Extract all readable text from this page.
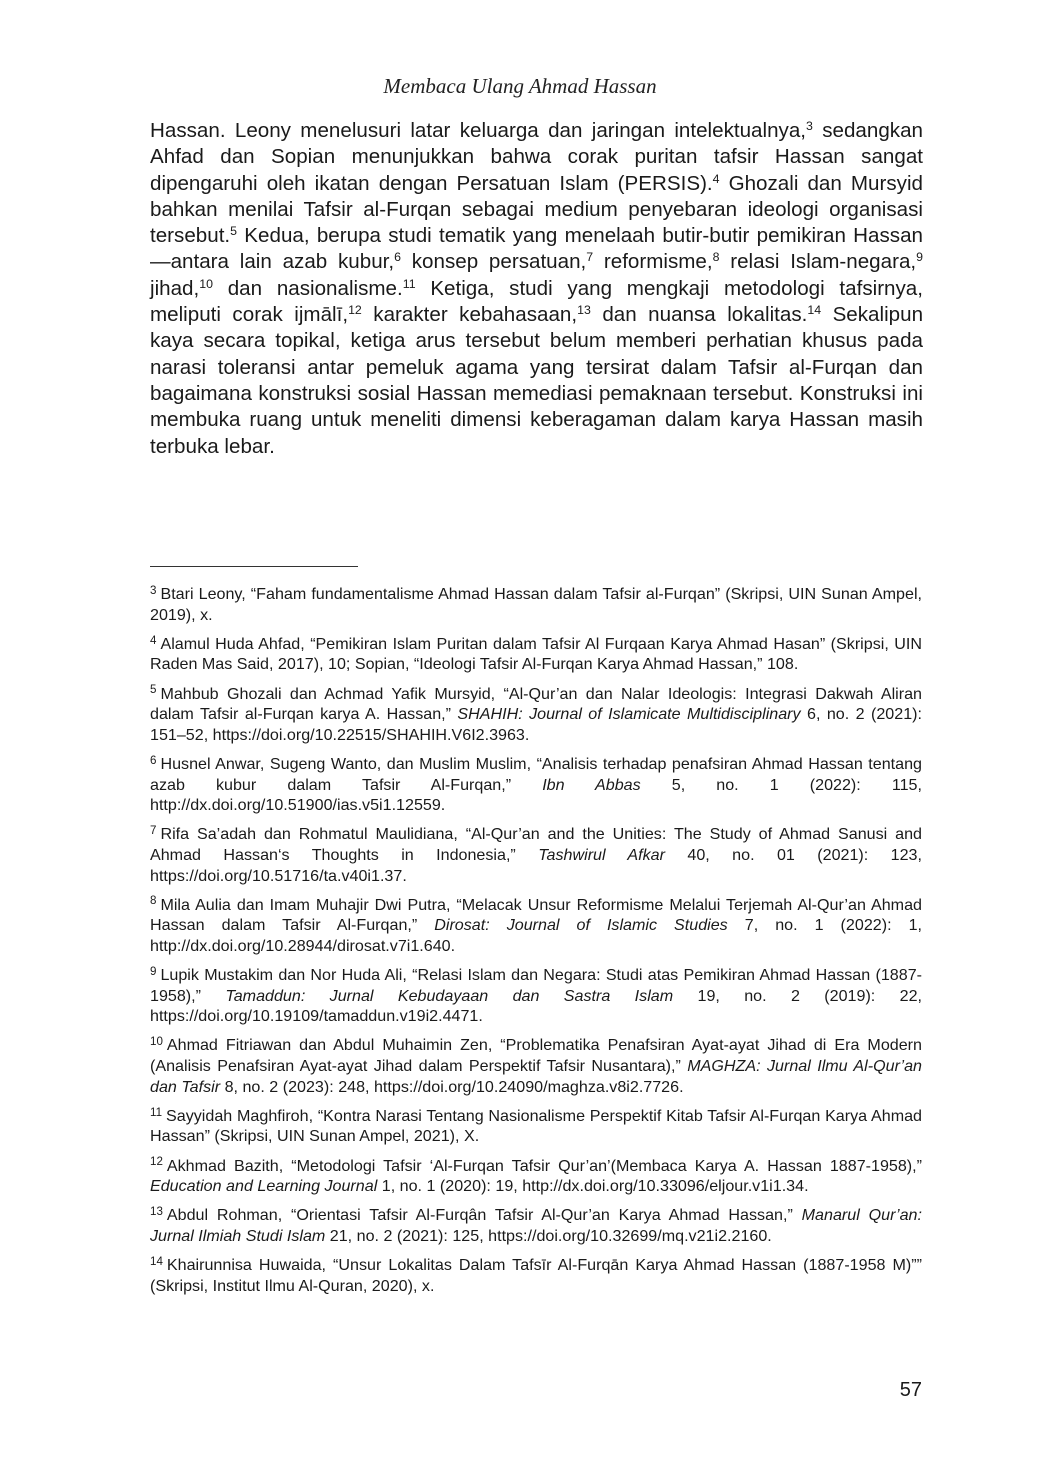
Membaca Ulang Ahmad Hassan
Hassan. Leony menelusuri latar keluarga dan jaringan intelektualnya,$^3$ sedangkan Ahfad dan Sopian menunjukkan bahwa corak puritan tafsir Hassan sangat dipengaruhi oleh ikatan dengan Persatuan Islam (PERSIS).$^4$ Ghozali dan Mursyid bahkan menilai Tafsir al-Furqan sebagai medium penyebaran ideologi organisasi tersebut.$^5$ Kedua, berupa studi tematik yang menelaah butir-butir pemikiran Hassan—antara lain azab kubur,$^6$ konsep persatuan,$^7$ reformisme,$^8$ relasi Islam-negara,$^9$ jihad,$^{10}$ dan nasionalisme.$^{11}$ Ketiga, studi yang mengkaji metodologi tafsirnya, meliputi corak ijmālī,$^{12}$ karakter kebahasaan,$^{13}$ dan nuansa lokalitas.$^{14}$ Sekalipun kaya secara topikal, ketiga arus tersebut belum memberi perhatian khusus pada narasi toleransi antar pemeluk agama yang tersirat dalam Tafsir al-Furqan dan bagaimana konstruksi sosial Hassan memediasi pemaknaan tersebut. Konstruksi ini membuka ruang untuk meneliti dimensi keberagaman dalam karya Hassan masih terbuka lebar.

$^3$ Btari Leony, “Faham fundamentalisme Ahmad Hassan dalam Tafsir al-Furqan” (Skripsi, UIN Sunan Ampel, 2019), x.

$^4$ Alamul Huda Ahfad, “Pemikiran Islam Puritan dalam Tafsir Al Furqaan Karya Ahmad Hasan” (Skripsi, UIN Raden Mas Said, 2017), 10; Sopian, “Ideologi Tafsir Al-Furqan Karya Ahmad Hassan,” 108.

$^5$ Mahbub Ghozali dan Achmad Yafik Mursyid, “Al-Qur’an dan Nalar Ideologis: Integrasi Dakwah Aliran dalam Tafsir al-Furqan karya A. Hassan,” SHAHIH: Journal of Islamicate Multidisciplinary 6, no. 2 (2021): 151–52, https://doi.org/10.22515/SHAHIH.V6I2.3963.

$^6$ Husnel Anwar, Sugeng Wanto, dan Muslim Muslim, “Analisis terhadap penafsiran Ahmad Hassan tentang azab kubur dalam Tafsir Al-Furqan,” Ibn Abbas 5, no. 1 (2022): 115, http://dx.doi.org/10.51900/ias.v5i1.12559.

$^7$ Rifa Sa’adah dan Rohmatul Maulidiana, “Al-Qur’an and the Unities: The Study of Ahmad Sanusi and Ahmad Hassan‘s Thoughts in Indonesia,” Tashwirul Afkar 40, no. 01 (2021): 123, https://doi.org/10.51716/ta.v40i1.37.

$^8$ Mila Aulia dan Imam Muhajir Dwi Putra, “Melacak Unsur Reformisme Melalui Terjemah Al-Qur’an Ahmad Hassan dalam Tafsir Al-Furqan,” Dirosat: Journal of Islamic Studies 7, no. 1 (2022): 1, http://dx.doi.org/10.28944/dirosat.v7i1.640.

$^9$ Lupik Mustakim dan Nor Huda Ali, “Relasi Islam dan Negara: Studi atas Pemikiran Ahmad Hassan (1887-1958),” Tamaddun: Jurnal Kebudayaan dan Sastra Islam 19, no. 2 (2019): 22, https://doi.org/10.19109/tamaddun.v19i2.4471.

$^{10}$ Ahmad Fitriawan dan Abdul Muhaimin Zen, “Problematika Penafsiran Ayat-ayat Jihad di Era Modern (Analisis Penafsiran Ayat-ayat Jihad dalam Perspektif Tafsir Nusantara),” MAGHZA: Jurnal Ilmu Al-Qur’an dan Tafsir 8, no. 2 (2023): 248, https://doi.org/10.24090/maghza.v8i2.7726.

$^{11}$ Sayyidah Maghfiroh, “Kontra Narasi Tentang Nasionalisme Perspektif Kitab Tafsir Al-Furqan Karya Ahmad Hassan” (Skripsi, UIN Sunan Ampel, 2021), X.

$^{12}$ Akhmad Bazith, “Metodologi Tafsir ‘Al-Furqan Tafsir Qur’an’(Membaca Karya A. Hassan 1887-1958),” Education and Learning Journal 1, no. 1 (2020): 19, http://dx.doi.org/10.33096/eljour.v1i1.34.

$^{13}$ Abdul Rohman, “Orientasi Tafsir Al-Furqân Tafsir Al-Qur’an Karya Ahmad Hassan,” Manarul Qur’an: Jurnal Ilmiah Studi Islam 21, no. 2 (2021): 125, https://doi.org/10.32699/mq.v21i2.2160.

$^{14}$ Khairunnisa Huwaida, “Unsur Lokalitas Dalam Tafsīr Al-Furqān Karya Ahmad Hassan (1887-1958 M)”” (Skripsi, Institut Ilmu Al-Quran, 2020), x.

57
